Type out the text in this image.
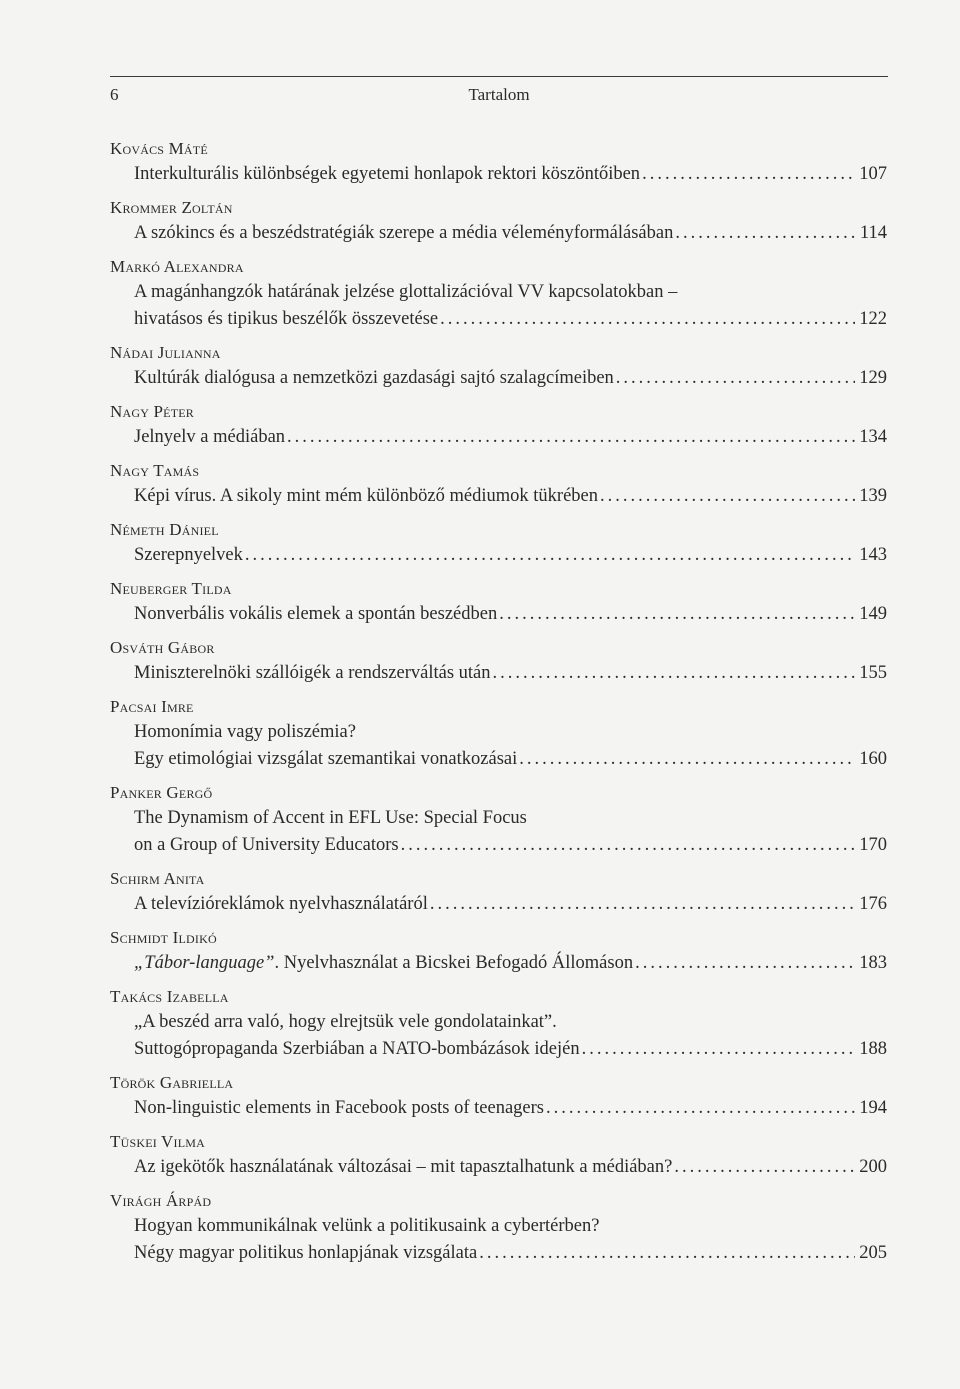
6	Tartalom
Kovács Máté
Interkulturális különbségek egyetemi honlapok rektori köszöntőiben .....	107
Krommer Zoltán
A szókincs és a beszédstratégiák szerepe a média véleményformálásában .....	114
Markó Alexandra
A magánhangzók határának jelzése glottalizációval VV kapcsolatokban –
hivatásos és tipikus beszélők összevetése .....	122
Nádai Julianna
Kultúrák dialógusa a nemzetközi gazdasági sajtó szalagcímeiben .....	129
Nagy Péter
Jelnyelv a médiában .....	134
Nagy Tamás
Képi vírus. A sikoly mint mém különböző médiumok tükrében .....	139
Németh Dániel
Szerepnyelvek .....	143
Neuberger Tilda
Nonverbális vokális elemek a spontán beszédben .....	149
Osváth Gábor
Miniszterelnöki szállóigék a rendszerváltás után .....	155
Pacsai Imre
Homonímia vagy poliszémia?
Egy etimológiai vizsgálat szemantikai vonatkozásai .....	160
Panker Gergő
The Dynamism of Accent in EFL Use: Special Focus
on a Group of University Educators .....	170
Schirm Anita
A televízióreklámok nyelvhasználatáról .....	176
Schmidt Ildikó
„Tábor-language”. Nyelvhasználat a Bicskei Befogadó Állomáson .....	183
Takács Izabella
„A beszéd arra való, hogy elrejtsük vele gondolatainkat”.
Suttogópropaganda Szerbiában a NATO-bombázások idején .....	188
Török Gabriella
Non-linguistic elements in Facebook posts of teenagers .....	194
Tüskei Vilma
Az igekötők használatának változásai – mit tapasztalhatunk a médiában? .....	200
Virágh Árpád
Hogyan kommunikálnak velünk a politikusaink a cybertérben?
Négy magyar politikus honlapjának vizsgálata .....	205
